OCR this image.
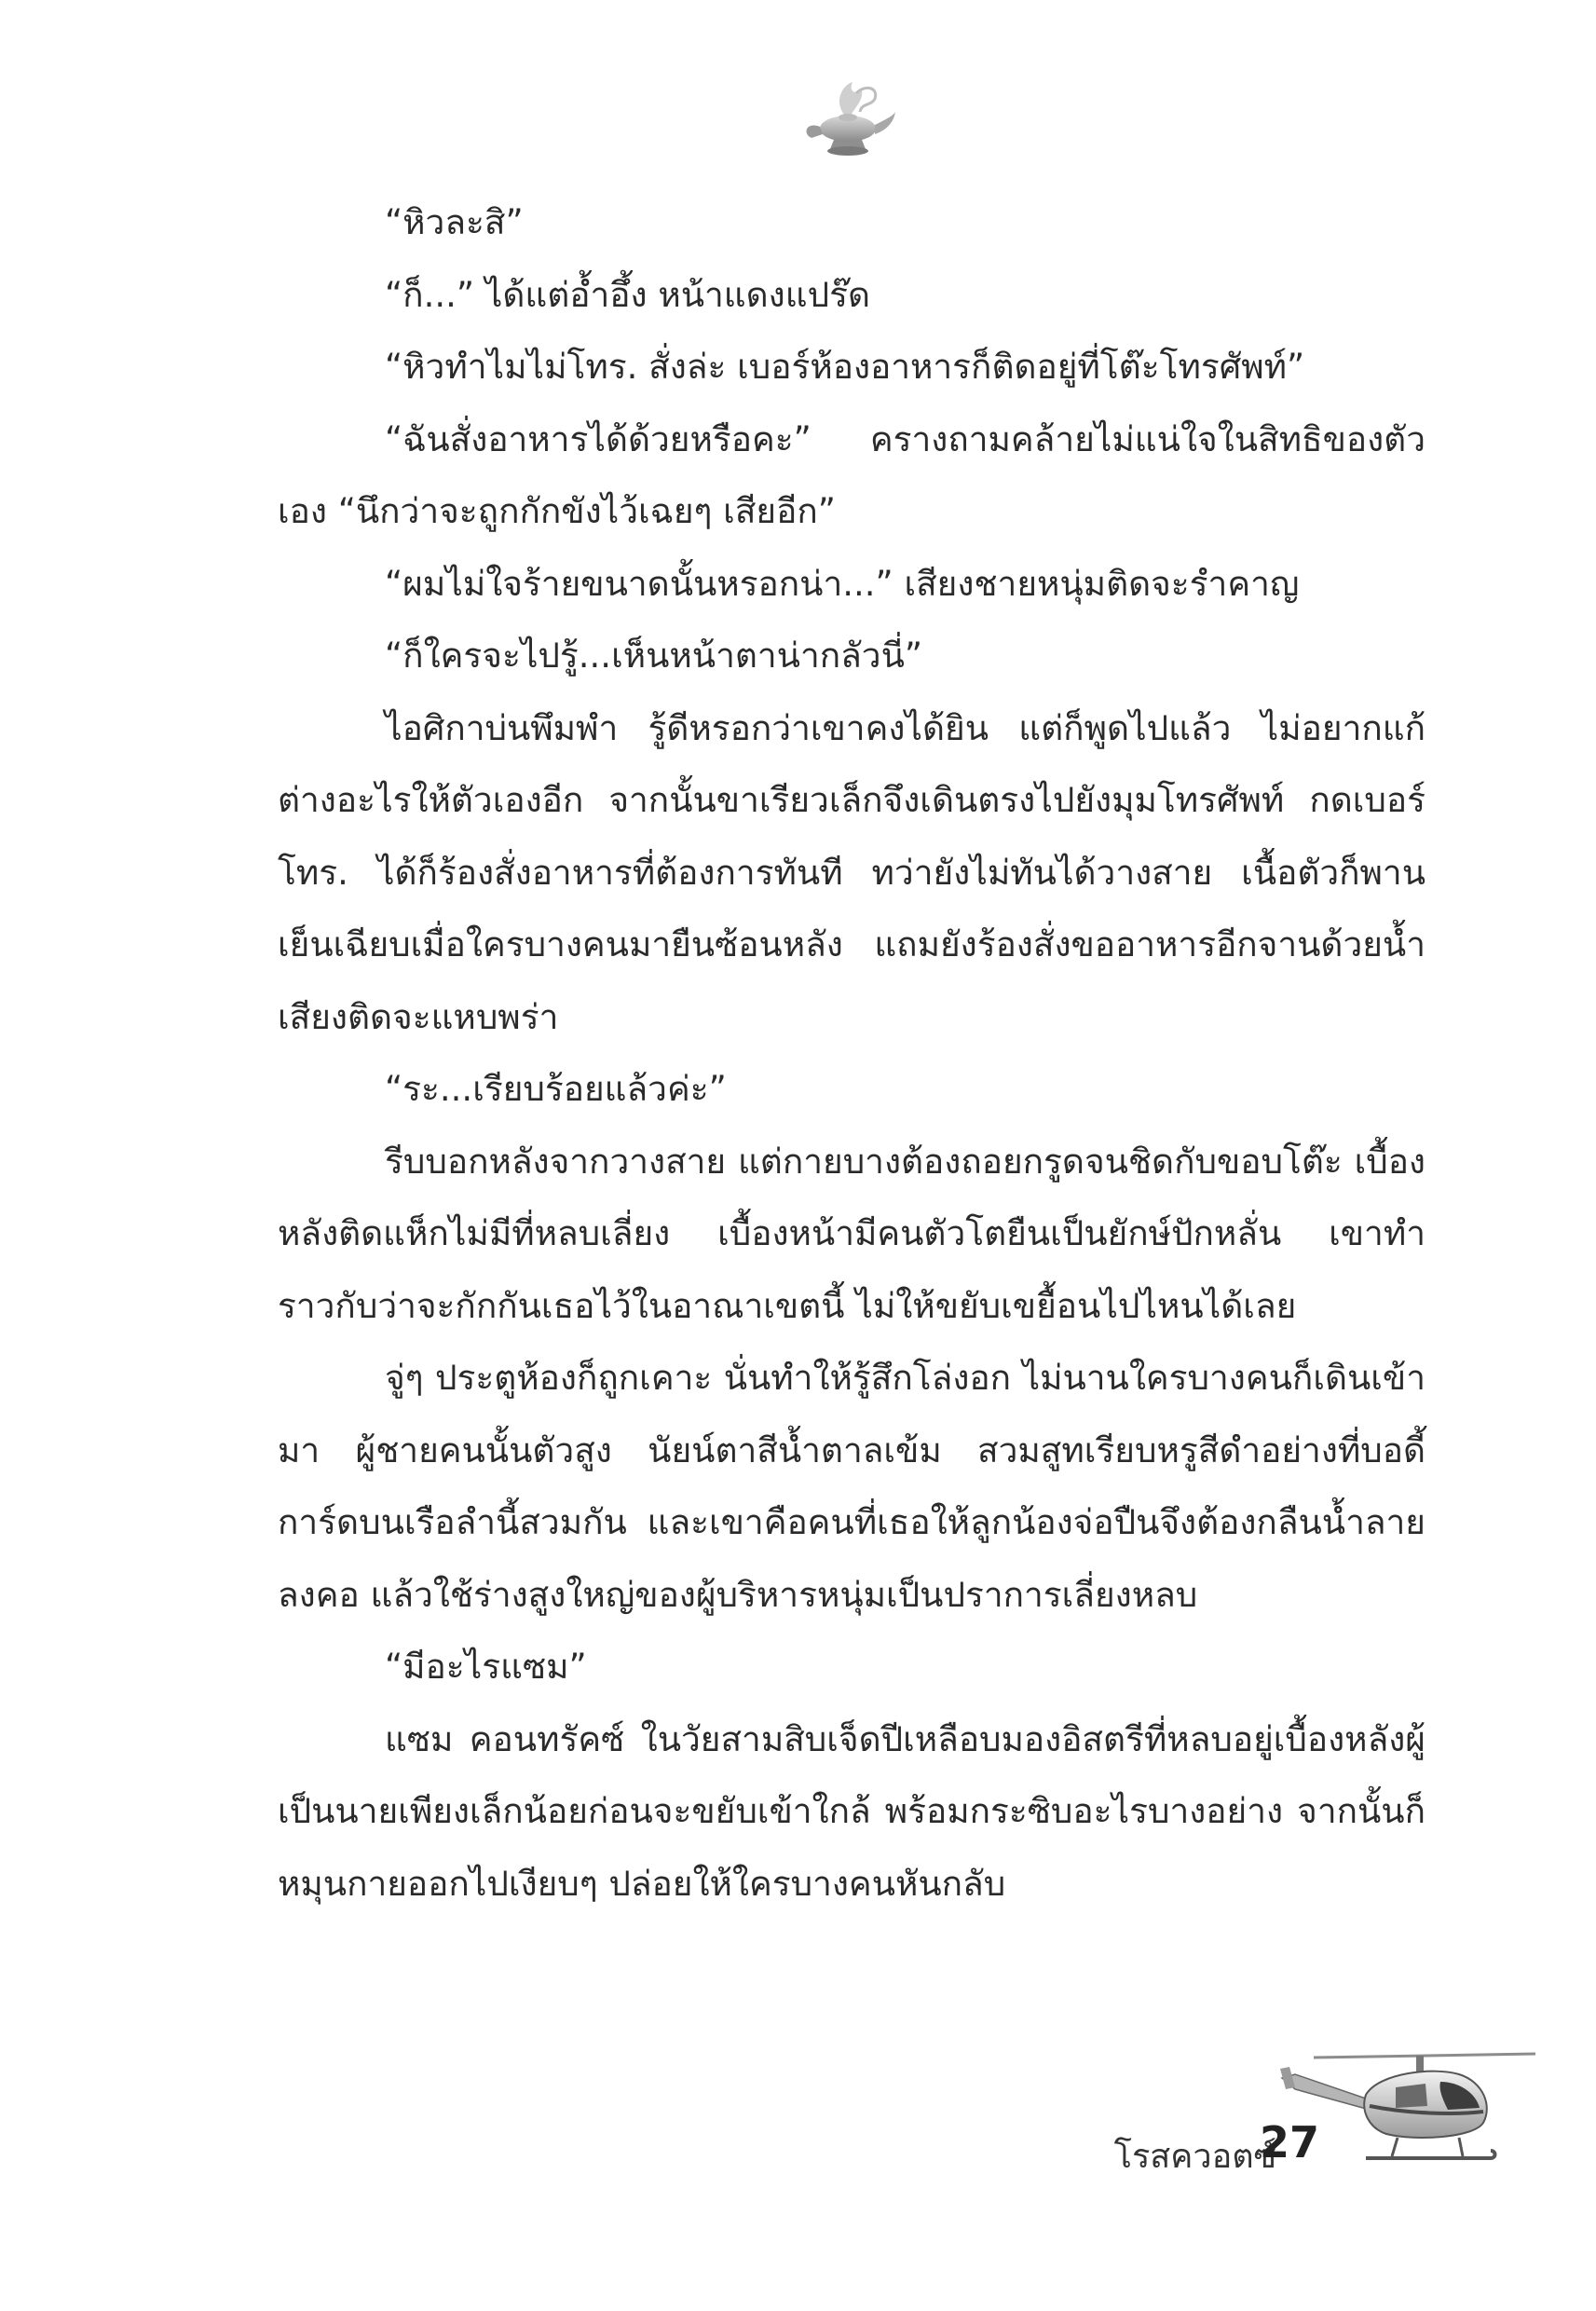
“หิวละสิ”

“ก็...” ได้แต่อ้ำอึ้ง หน้าแดงแปร๊ด

“หิวทำไมไม่โทร. สั่งล่ะ เบอร์ห้องอาหารก็ติดอยู่ที่โต๊ะโทรศัพท์”

“ฉันสั่งอาหารได้ด้วยหรือคะ” ครางถามคล้ายไม่แน่ใจในสิทธิของตัวเอง “นึกว่าจะถูกกักขังไว้เฉยๆ เสียอีก”

“ผมไม่ใจร้ายขนาดนั้นหรอกน่า...” เสียงชายหนุ่มติดจะรำคาญ

“ก็ใครจะไปรู้...เห็นหน้าตาน่ากลัวนี่”

ไอศิกาบ่นพึมพำ รู้ดีหรอกว่าเขาคงได้ยิน แต่ก็พูดไปแล้ว ไม่อยากแก้ต่างอะไรให้ตัวเองอีก จากนั้นขาเรียวเล็กจึงเดินตรงไปยังมุมโทรศัพท์ กดเบอร์โทร. ได้ก็ร้องสั่งอาหารที่ต้องการทันที ทว่ายังไม่ทันได้วางสาย เนื้อตัวก็พานเย็นเฉียบเมื่อใครบางคนมายืนซ้อนหลัง แถมยังร้องสั่งขออาหารอีกจานด้วยน้ำเสียงติดจะแหบพร่า

“ระ...เรียบร้อยแล้วค่ะ”

รีบบอกหลังจากวางสาย แต่กายบางต้องถอยกรูดจนชิดกับขอบโต๊ะ เบื้องหลังติดแห็กไม่มีที่หลบเลี่ยง เบื้องหน้ามีคนตัวโตยืนเป็นยักษ์ปักหลั่น เขาทำราวกับว่าจะกักกันเธอไว้ในอาณาเขตนี้ ไม่ให้ขยับเขยื้อนไปไหนได้เลย

จู่ๆ ประตูห้องก็ถูกเคาะ นั่นทำให้รู้สึกโล่งอก ไม่นานใครบางคนก็เดินเข้ามา ผู้ชายคนนั้นตัวสูง นัยน์ตาสีน้ำตาลเข้ม สวมสูทเรียบหรูสีดำอย่างที่บอดี้การ์ดบนเรือลำนี้สวมกัน และเขาคือคนที่เธอให้ลูกน้องจ่อปืนจึงต้องกลืนน้ำลายลงคอ แล้วใช้ร่างสูงใหญ่ของผู้บริหารหนุ่มเป็นปราการเลี่ยงหลบ

“มีอะไรแซม”

แซม คอนทรัคซ์ ในวัยสามสิบเจ็ดปีเหลือบมองอิสตรีที่หลบอยู่เบื้องหลังผู้เป็นนายเพียงเล็กน้อยก่อนจะขยับเข้าใกล้ พร้อมกระซิบอะไรบางอย่าง จากนั้นก็หมุนกายออกไปเงียบๆ ปล่อยให้ใครบางคนหันกลับ

โรสควอตซ์
27
